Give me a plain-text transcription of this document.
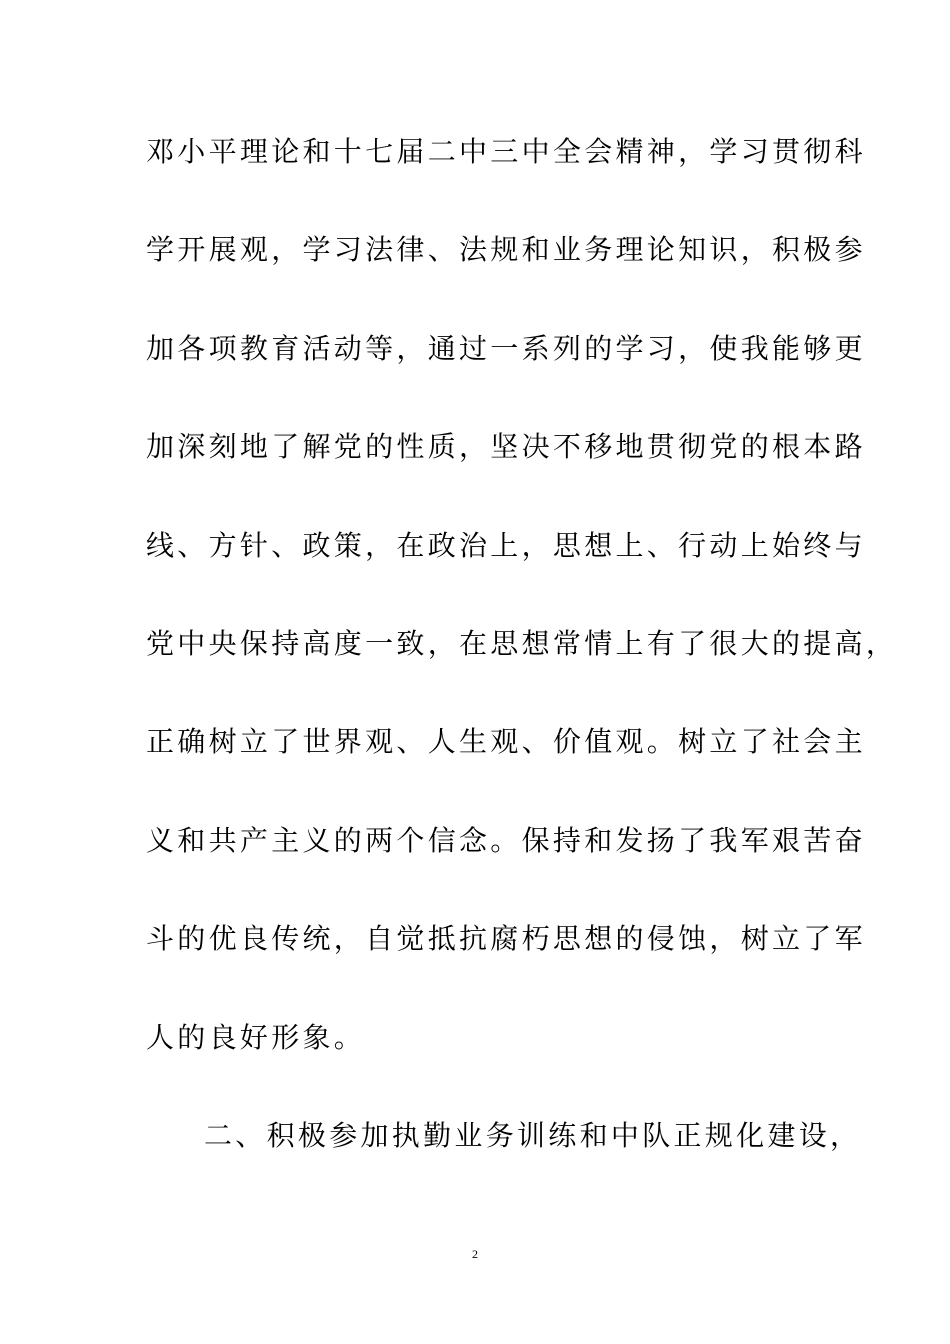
邓小平理论和十七届二中三中全会精神，学习贯彻科
学开展观，学习法律、法规和业务理论知识，积极参
加各项教育活动等，通过一系列的学习，使我能够更
加深刻地了解党的性质，坚决不移地贯彻党的根本路
线、方针、政策，在政治上，思想上、行动上始终与
党中央保持高度一致，在思想常情上有了很大的提高，
正确树立了世界观、人生观、价值观。树立了社会主
义和共产主义的两个信念。保持和发扬了我军艰苦奋
斗的优良传统，自觉抵抗腐朽思想的侵蚀，树立了军
人的良好形象。
二、积极参加执勤业务训练和中队正规化建设，
2
